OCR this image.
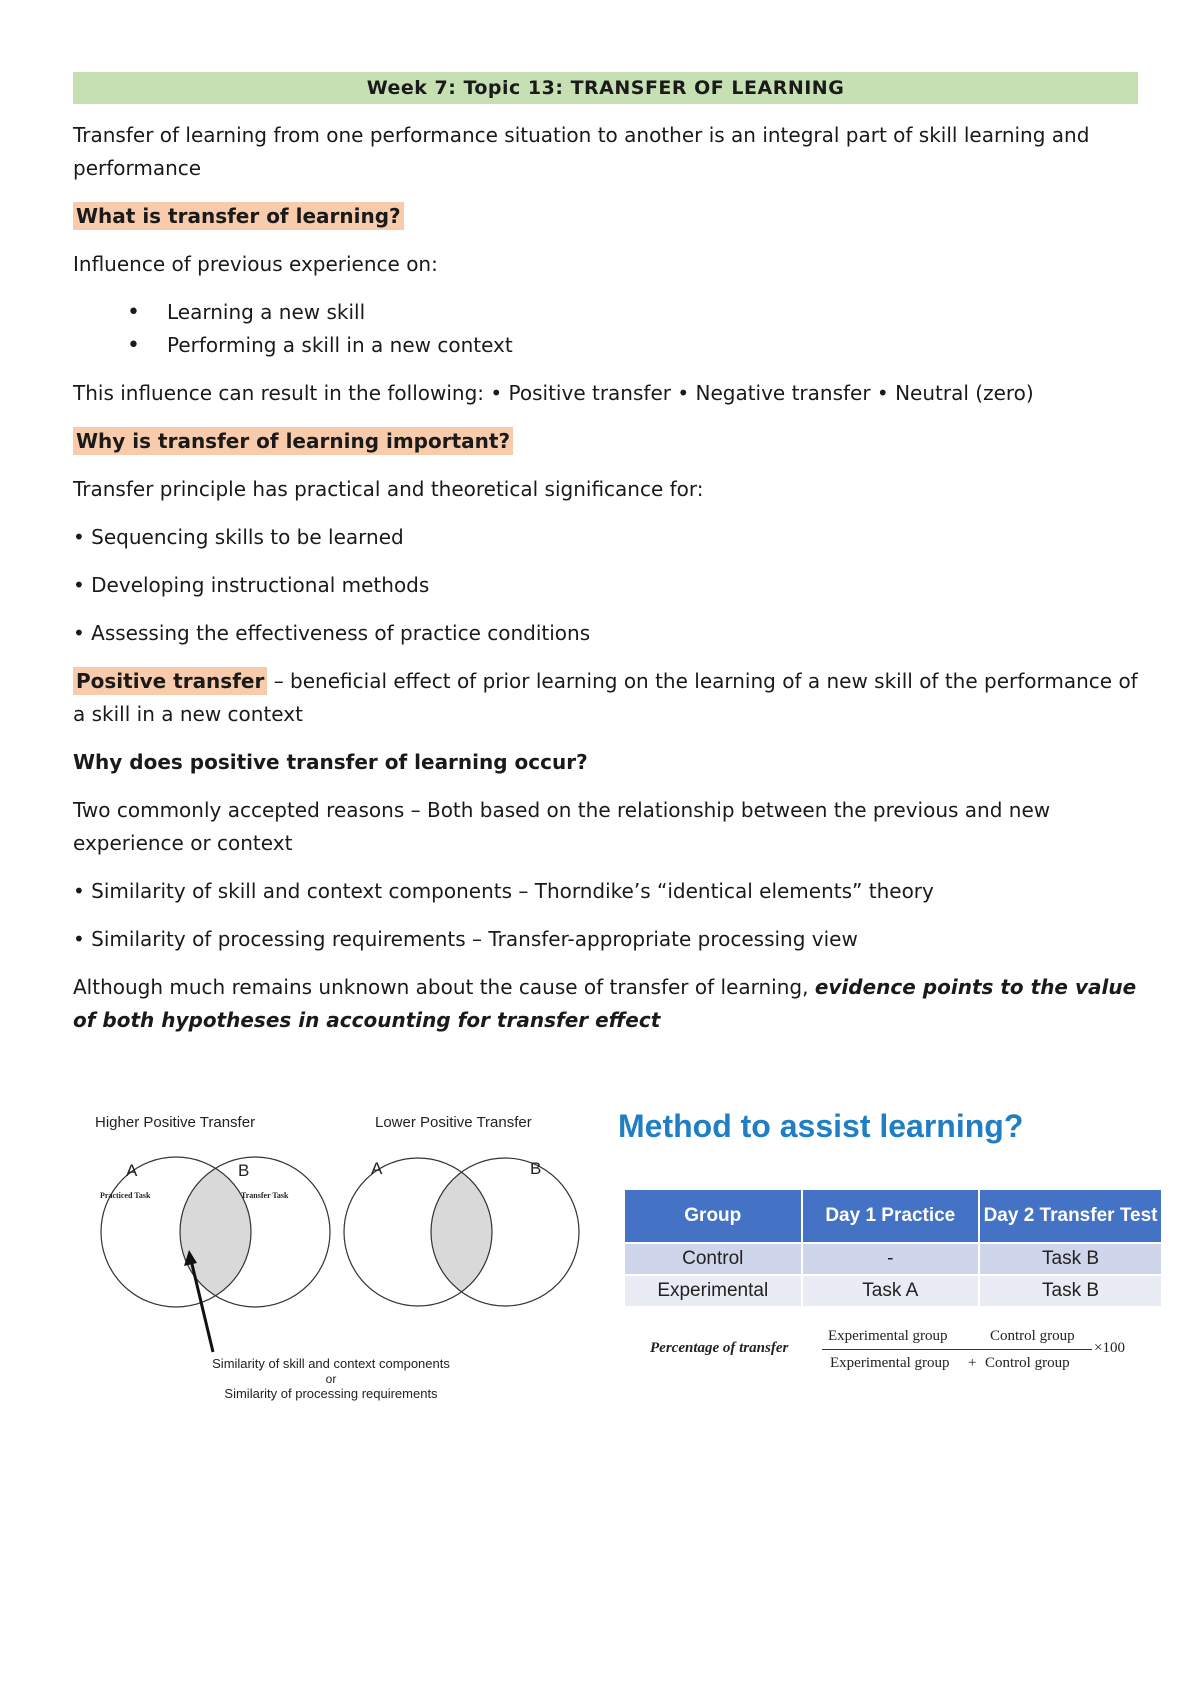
Week 7: Topic 13: TRANSFER OF LEARNING

Transfer of learning from one performance situation to another is an integral part of skill learning and performance

What is transfer of learning?

Influence of previous experience on:

• Learning a new skill
• Performing a skill in a new context

This influence can result in the following: • Positive transfer • Negative transfer • Neutral (zero)

Why is transfer of learning important?

Transfer principle has practical and theoretical significance for:

• Sequencing skills to be learned

• Developing instructional methods

• Assessing the effectiveness of practice conditions

Positive transfer – beneficial effect of prior learning on the learning of a new skill of the performance of a skill in a new context

Why does positive transfer of learning occur?

Two commonly accepted reasons – Both based on the relationship between the previous and new experience or context

• Similarity of skill and context components – Thorndike’s “identical elements” theory

• Similarity of processing requirements – Transfer-appropriate processing view

Although much remains unknown about the cause of transfer of learning, evidence points to the value of both hypotheses in accounting for transfer effect

Higher Positive Transfer	Lower Positive Transfer
A	B
Practiced Task	Transfer Task
A	B
Similarity of skill and context components
or
Similarity of processing requirements
Method to assist learning?
Group	Day 1 Practice	Day 2 Transfer Test
Control	-	Task B
Experimental	Task A	Task B
Percentage of transfer
Experimental group	Control group
Experimental group + Control group
×100
